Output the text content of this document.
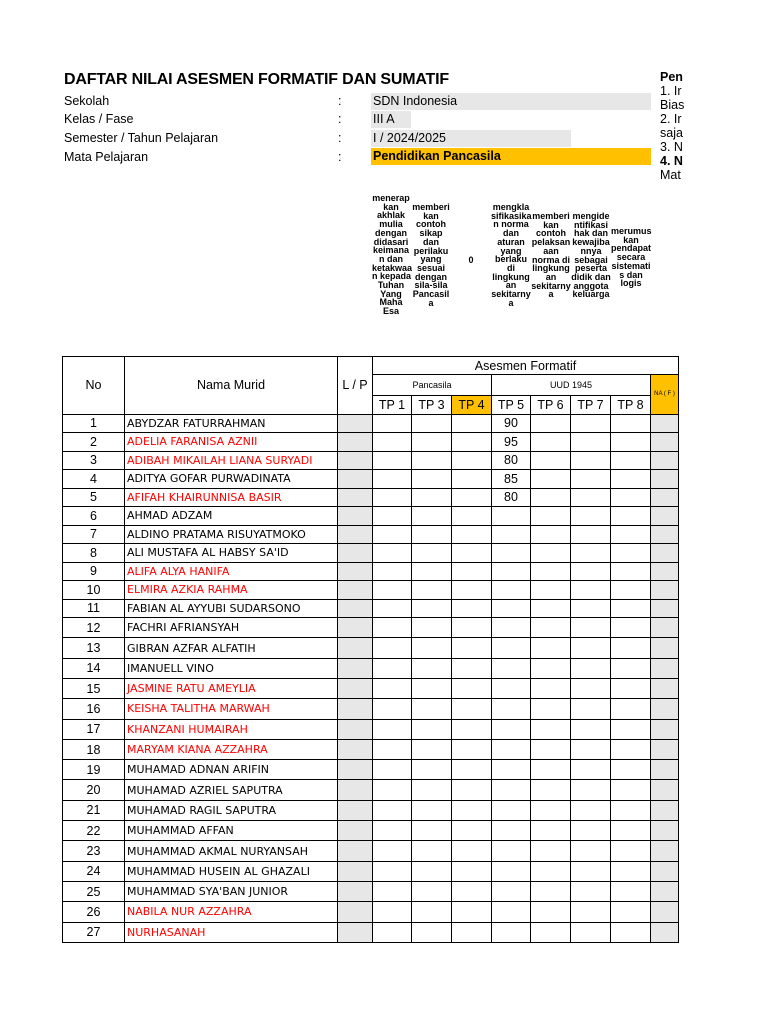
DAFTAR NILAI ASESMEN FORMATIF DAN SUMATIF
Sekolah	:	SDN Indonesia
Kelas / Fase	:	III A
Semester / Tahun Pelajaran	:	I / 2024/2025
Mata Pelajaran	:	Pendidikan Pancasila
Pen
1. Ir
Bias
2. Ir
saja
3. N
4. N
Mat
menerap
kan
akhlak
mulia
dengan
didasari
keimana
n dan
ketakwaa
n kepada
Tuhan
Yang
Maha
Esa
memberi
kan
contoh
sikap
dan
perilaku
yang
sesuai
dengan
sila-sila
Pancasil
a
0
mengkla
sifikasika
n norma
dan
aturan
yang
berlaku
di
lingkung
an
sekitarny
a
memberi
kan
contoh
pelaksan
aan
norma di
lingkung
an
sekitarny
a
mengide
ntifikasi
hak dan
kewajiba
nnya
sebagai
peserta
didik dan
anggota
keluarga
merumus
kan
pendapat
secara
sistemati
s dan
logis
No	Nama Murid	L / P	Asesmen Formatif							
			Pancasila			UUD 1945				NA ( F )
			TP 1	TP 3	TP 4	TP 5	TP 6	TP 7	TP 8	
1	ABYDZAR FATURRAHMAN					90				
2	ADELIA FARANISA AZNII					95				
3	ADIBAH MIKAILAH LIANA SURYADI					80				
4	ADITYA GOFAR PURWADINATA					85				
5	AFIFAH KHAIRUNNISA BASIR					80				
6	AHMAD ADZAM									
7	ALDINO PRATAMA RISUYATMOKO									
8	ALI MUSTAFA AL HABSY SA'ID									
9	ALIFA ALYA HANIFA									
10	ELMIRA AZKIA RAHMA									
11	FABIAN AL AYYUBI SUDARSONO									
12	FACHRI AFRIANSYAH									
13	GIBRAN AZFAR ALFATIH									
14	IMANUELL VINO									
15	JASMINE RATU AMEYLIA									
16	KEISHA TALITHA MARWAH									
17	KHANZANI HUMAIRAH									
18	MARYAM KIANA AZZAHRA									
19	MUHAMAD ADNAN ARIFIN									
20	MUHAMAD AZRIEL SAPUTRA									
21	MUHAMAD RAGIL SAPUTRA									
22	MUHAMMAD AFFAN									
23	MUHAMMAD AKMAL NURYANSAH									
24	MUHAMMAD HUSEIN AL GHAZALI									
25	MUHAMMAD SYA'BAN JUNIOR									
26	NABILA NUR AZZAHRA									
27	NURHASANAH									
